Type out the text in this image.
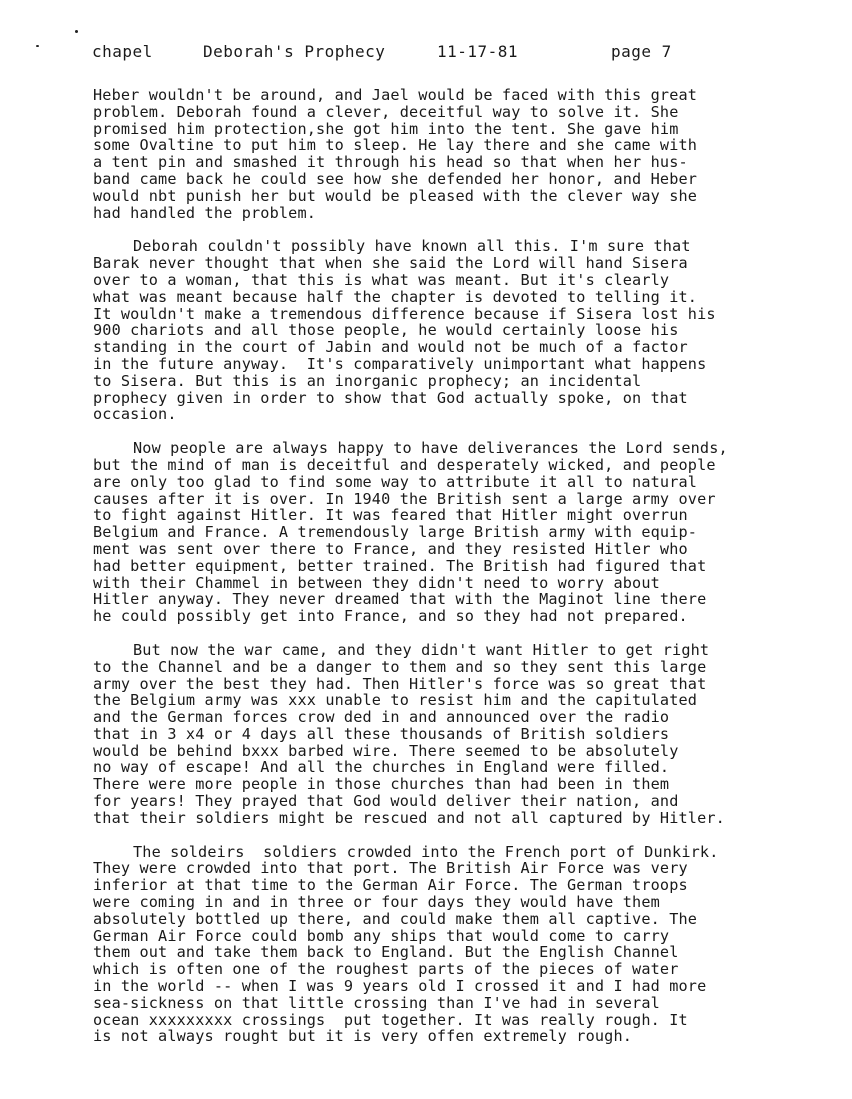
chapel	Deborah's Prophecy	11-17-81	page 7

Heber wouldn't be around, and Jael would be faced with this great
problem. Deborah found a clever, deceitful way to solve it. She
promised him protection,she got him into the tent. She gave him
some Ovaltine to put him to sleep. He lay there and she came with
a tent pin and smashed it through his head so that when her hus-
band came back he could see how she defended her honor, and Heber
would nbt punish her but would be pleased with the clever way she
had handled the problem.

Deborah couldn't possibly have known all this. I'm sure that
Barak never thought that when she said the Lord will hand Sisera
over to a woman, that this is what was meant. But it's clearly
what was meant because half the chapter is devoted to telling it.
It wouldn't make a tremendous difference because if Sisera lost his
900 chariots and all those people, he would certainly loose his
standing in the court of Jabin and would not be much of a factor
in the future anyway.  It's comparatively unimportant what happens
to Sisera. But this is an inorganic prophecy; an incidental
prophecy given in order to show that God actually spoke, on that
occasion.

Now people are always happy to have deliverances the Lord sends,
but the mind of man is deceitful and desperately wicked, and people
are only too glad to find some way to attribute it all to natural
causes after it is over. In 1940 the British sent a large army over
to fight against Hitler. It was feared that Hitler might overrun
Belgium and France. A tremendously large British army with equip-
ment was sent over there to France, and they resisted Hitler who
had better equipment, better trained. The British had figured that
with their Chammel in between they didn't need to worry about
Hitler anyway. They never dreamed that with the Maginot line there
he could possibly get into France, and so they had not prepared.

But now the war came, and they didn't want Hitler to get right
to the Channel and be a danger to them and so they sent this large
army over the best they had. Then Hitler's force was so great that
the Belgium army was xxx unable to resist him and the capitulated
and the German forces crow ded in and announced over the radio
that in 3 x4 or 4 days all these thousands of British soldiers
would be behind bxxx barbed wire. There seemed to be absolutely
no way of escape! And all the churches in England were filled.
There were more people in those churches than had been in them
for years! They prayed that God would deliver their nation, and
that their soldiers might be rescued and not all captured by Hitler.

The soldeirs  soldiers crowded into the French port of Dunkirk.
They were crowded into that port. The British Air Force was very
inferior at that time to the German Air Force. The German troops
were coming in and in three or four days they would have them
absolutely bottled up there, and could make them all captive. The
German Air Force could bomb any ships that would come to carry
them out and take them back to England. But the English Channel
which is often one of the roughest parts of the pieces of water
in the world -- when I was 9 years old I crossed it and I had more
sea-sickness on that little crossing than I've had in several
ocean xxxxxxxxx crossings  put together. It was really rough. It
is not always rought but it is very offen extremely rough.
